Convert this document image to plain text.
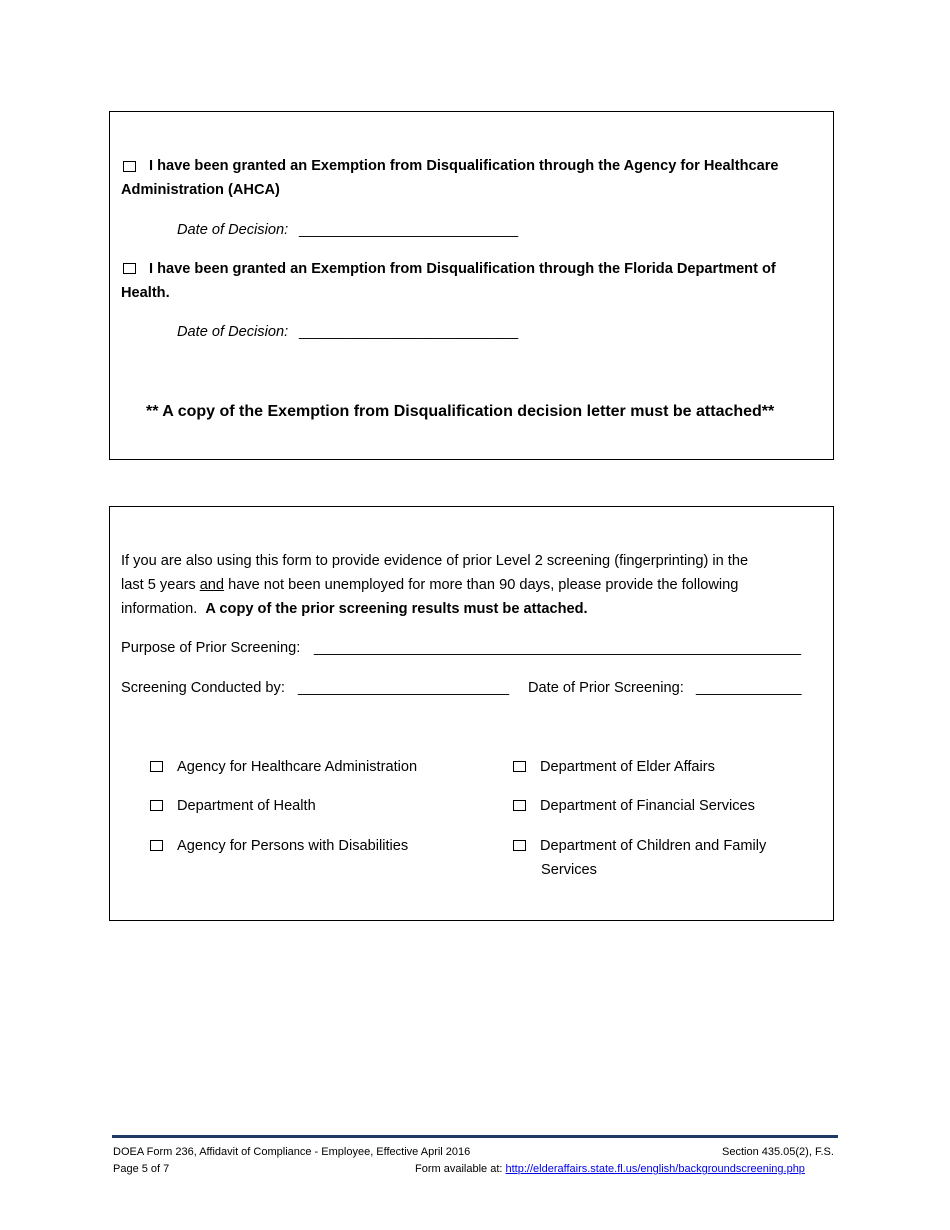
I have been granted an Exemption from Disqualification through the Agency for Healthcare
Administration (AHCA)
Date of Decision: ___________________________
I have been granted an Exemption from Disqualification through the Florida Department of
Health.
Date of Decision: ___________________________
** A copy of the Exemption from Disqualification decision letter must be attached**
If you are also using this form to provide evidence of prior Level 2 screening (fingerprinting) in the
last 5 years and have not been unemployed for more than 90 days, please provide the following
information. A copy of the prior screening results must be attached.
Purpose of Prior Screening: ____________________________________________________________
Screening Conducted by: __________________________ Date of Prior Screening: _____________
Agency for Healthcare Administration
Department of Health
Agency for Persons with Disabilities
Department of Elder Affairs
Department of Financial Services
Department of Children and Family
Services
DOEA Form 236, Affidavit of Compliance - Employee, Effective April 2016
Page 5 of 7
Section 435.05(2), F.S.
Form available at: http://elderaffairs.state.fl.us/english/backgroundscreening.php
